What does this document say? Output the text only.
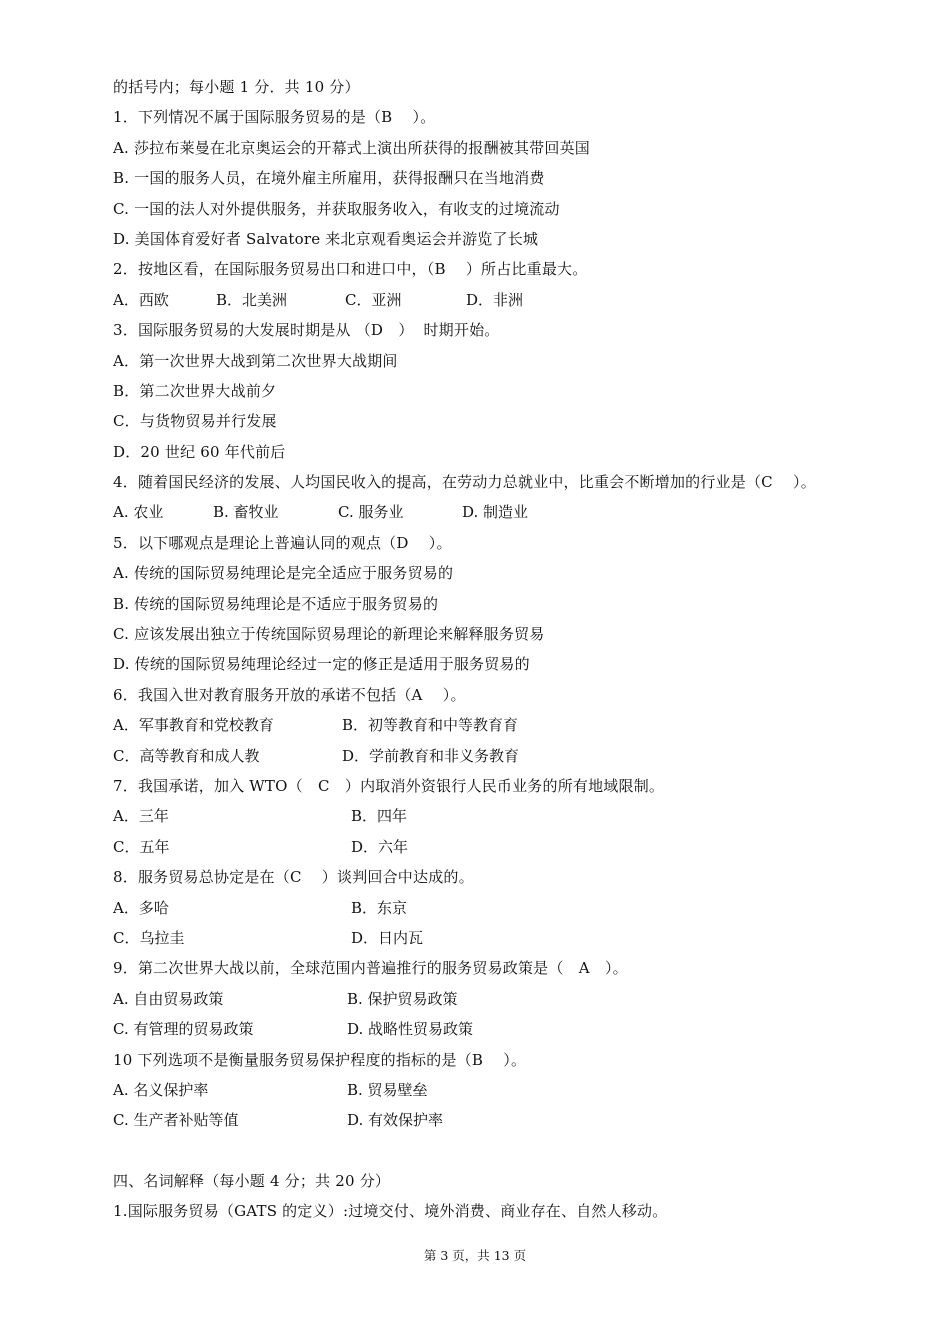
的括号内；每小题 1 分．共 10 分）
1．下列情况不属于国际服务贸易的是（B　 ）。
A. 莎拉布莱曼在北京奥运会的开幕式上演出所获得的报酬被其带回英国
B. 一国的服务人员，在境外雇主所雇用，获得报酬只在当地消费
C. 一国的法人对外提供服务，并获取服务收入，有收支的过境流动
D. 美国体育爱好者 Salvatore 来北京观看奥运会并游览了长城
2．按地区看，在国际服务贸易出口和进口中，（B　 ）所占比重最大。

A．西欧

	B．北美洲

	C．亚洲

	D．非洲

3．国际服务贸易的大发展时期是从 （D　）  时期开始。
A．第一次世界大战到第二次世界大战期间
B．第二次世界大战前夕
C．与货物贸易并行发展
D．20 世纪 60 年代前后
4．随着国民经济的发展、人均国民收入的提高，在劳动力总就业中，比重会不断增加的行业是（C　 ）。

A. 农业

	B. 畜牧业

	C. 服务业

	D. 制造业

5．以下哪观点是理论上普遍认同的观点（D　 ）。
A. 传统的国际贸易纯理论是完全适应于服务贸易的
B. 传统的国际贸易纯理论是不适应于服务贸易的
C. 应该发展出独立于传统国际贸易理论的新理论来解释服务贸易
D. 传统的国际贸易纯理论经过一定的修正是适用于服务贸易的
6．我国入世对教育服务开放的承诺不包括（A　 ）。

A．军事教育和党校教育

	B．初等教育和中等教育育

C．高等教育和成人教

	D．学前教育和非义务教育

7．我国承诺，加入 WTO（　C　）内取消外资银行人民币业务的所有地域限制。

A．三年

	B．四年

C．五年

	D．六年

8．服务贸易总协定是在（C　 ）谈判回合中达成的。

A．多哈

	B．东京

C．乌拉圭

	D．日内瓦

9．第二次世界大战以前，全球范围内普遍推行的服务贸易政策是（　A　）。

A. 自由贸易政策

	B. 保护贸易政策

C. 有管理的贸易政策

	D. 战略性贸易政策

10 下列选项不是衡量服务贸易保护程度的指标的是（B　 ）。

A. 名义保护率

	B. 贸易壁垒

C. 生产者补贴等值

	D. 有效保护率

四、名词解释（每小题 4 分；共 20 分）
1.国际服务贸易（GATS 的定义）:过境交付、境外消费、商业存在、自然人移动。
第 3 页，共 13 页
